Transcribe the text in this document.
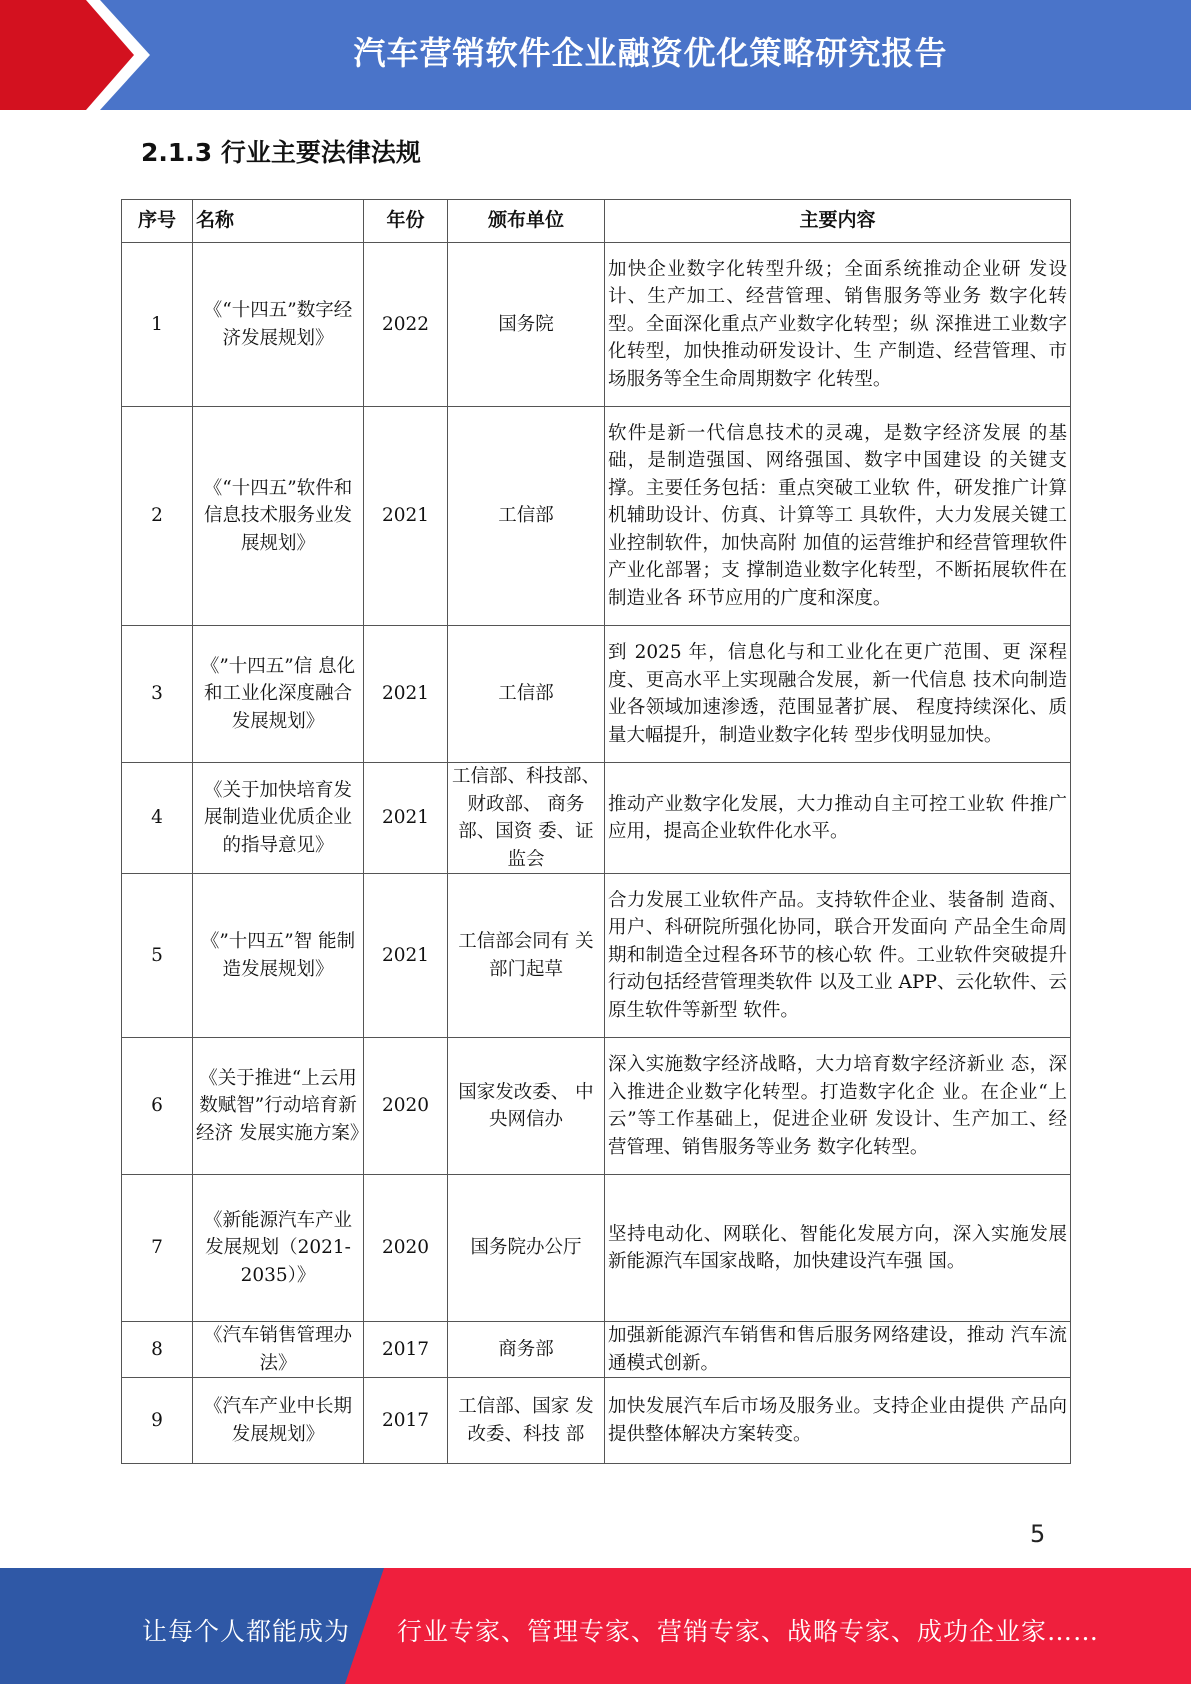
汽车营销软件企业融资优化策略研究报告
2.1.3 行业主要法律法规
序号	名称	年份	颁布单位	主要内容
1	《“十四五”数字经济发展规划》	2022	国务院	加快企业数字化转型升级；全面系统推动企业研 发设计、生产加工、经营管理、销售服务等业务 数字化转型。全面深化重点产业数字化转型；纵 深推进工业数字化转型，加快推动研发设计、生 产制造、经营管理、市场服务等全生命周期数字 化转型。
2	《“十四五”软件和信息技术服务业发展规划》	2021	工信部	软件是新一代信息技术的灵魂，是数字经济发展 的基础，是制造强国、网络强国、数字中国建设 的关键支撑。主要任务包括：重点突破工业软 件，研发推广计算机辅助设计、仿真、计算等工 具软件，大力发展关键工业控制软件，加快高附 加值的运营维护和经营管理软件产业化部署；支 撑制造业数字化转型，不断拓展软件在制造业各 环节应用的广度和深度。
3	《”十四五”信 息化和工业化深度融合发展规划》	2021	工信部	到 2025 年，信息化与和工业化在更广范围、更 深程度、更高水平上实现融合发展，新一代信息 技术向制造业各领域加速渗透，范围显著扩展、 程度持续深化、质量大幅提升，制造业数字化转 型步伐明显加快。
4	《关于加快培育发展制造业优质企业的指导意见》	2021	工信部、科技部、财政部、 商务部、国资 委、证监会	推动产业数字化发展，大力推动自主可控工业软 件推广应用，提高企业软件化水平。
5	《”十四五”智 能制造发展规划》	2021	工信部会同有 关部门起草	合力发展工业软件产品。支持软件企业、装备制 造商、用户、科研院所强化协同，联合开发面向 产品全生命周期和制造全过程各环节的核心软 件。工业软件突破提升行动包括经营管理类软件 以及工业 APP、云化软件、云原生软件等新型 软件。
6	《关于推进“上云用数赋智”行动培育新经济 发展实施方案》	2020	国家发改委、 中央网信办	深入实施数字经济战略，大力培育数字经济新业 态，深入推进企业数字化转型。打造数字化企 业。在企业“上云”等工作基础上，促进企业研 发设计、生产加工、经营管理、销售服务等业务 数字化转型。
7	《新能源汽车产业发展规划（2021-2035）》	2020	国务院办公厅	坚持电动化、网联化、智能化发展方向，深入实施发展新能源汽车国家战略，加快建设汽车强 国。
8	《汽车销售管理办法》	2017	商务部	加强新能源汽车销售和售后服务网络建设，推动 汽车流通模式创新。
9	《汽车产业中长期发展规划》	2017	工信部、国家 发改委、科技 部	加快发展汽车后市场及服务业。支持企业由提供 产品向提供整体解决方案转变。
5
让每个人都能成为 行业专家、管理专家、营销专家、战略专家、成功企业家……
